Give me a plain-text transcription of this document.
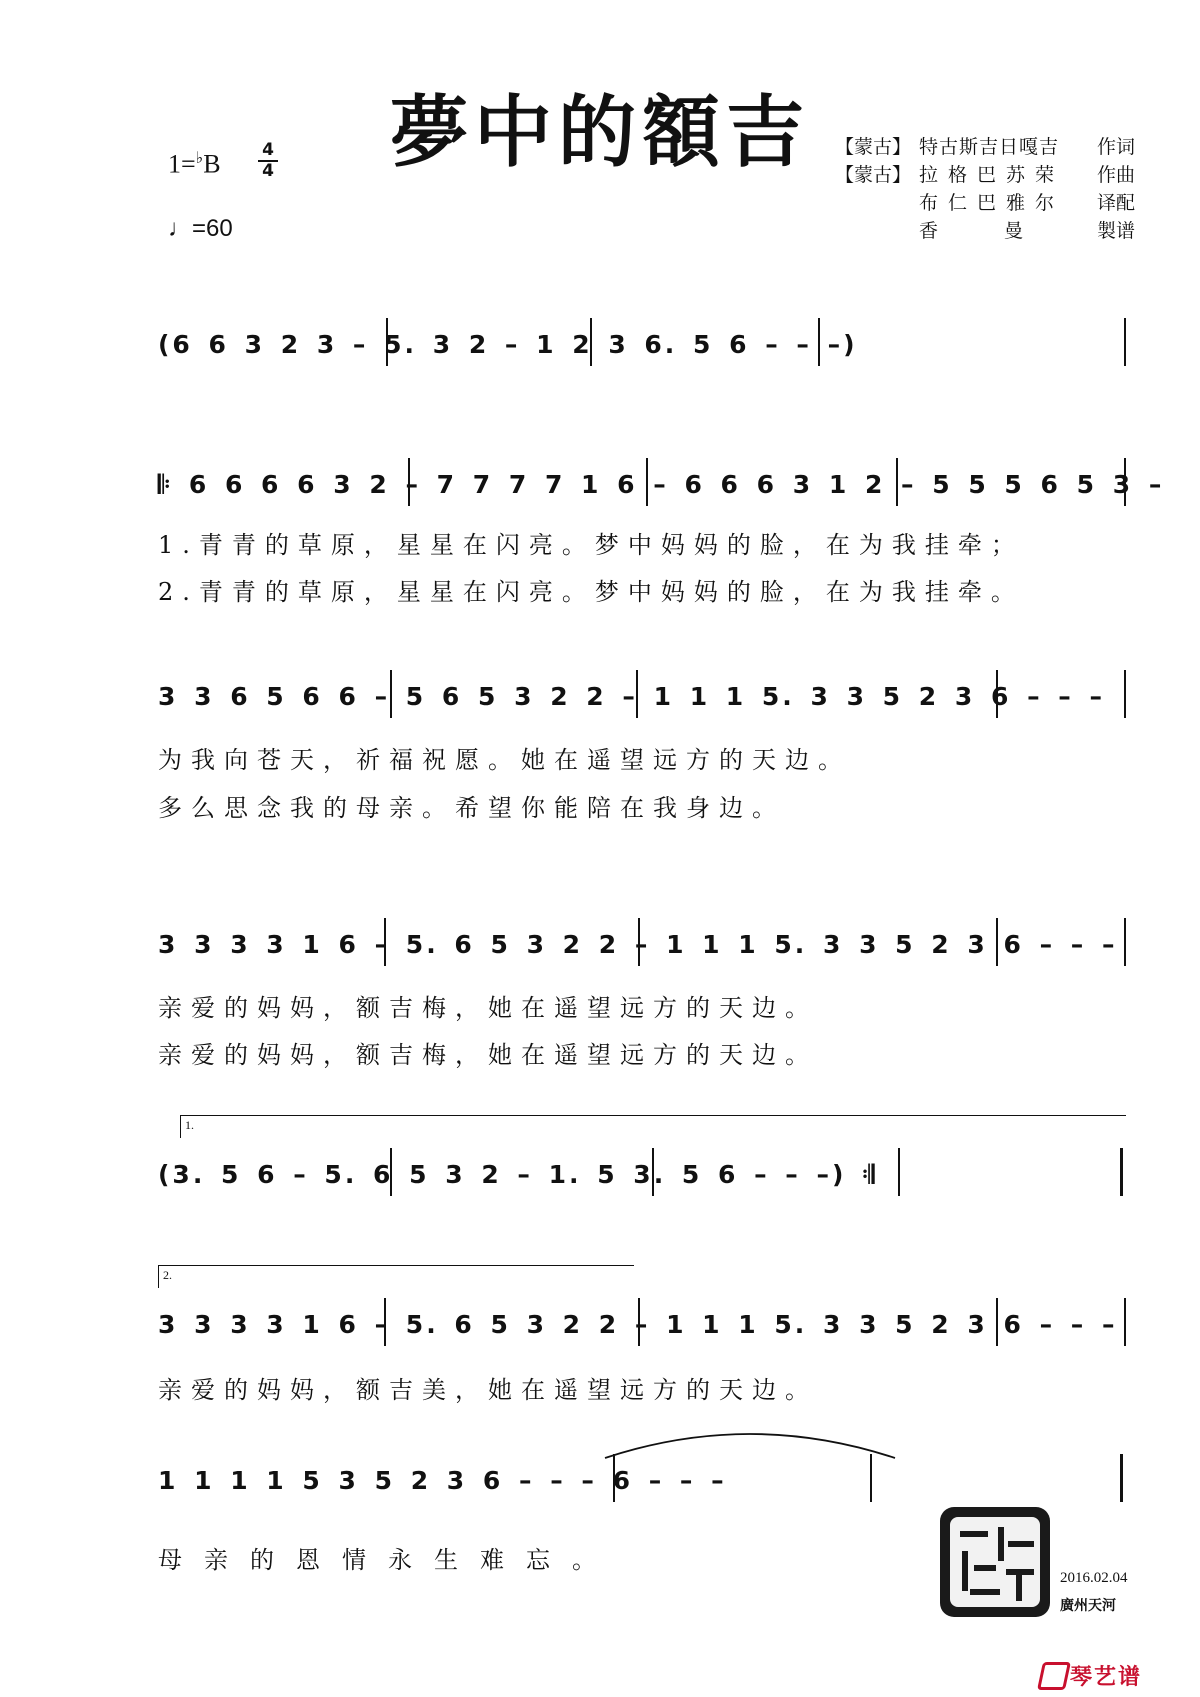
夢中的額吉
1=♭B 4
4
♩=60
【蒙古】 特古斯吉日嘎吉	作词
【蒙古】 拉格巴苏荣	作曲
布仁巴雅尔	译配
香 曼	製谱
(6 6 3 2 3 – 5. 3 2 – 1 2 3 6. 5 6 – – –)
𝄆 6 6 6 6 3 2 – 7 7 7 7 1 6 – 6 6 6 3 1 2 – 5 5 5 6 5 3 –
1.青青的草原，星星在闪亮。梦中妈妈的脸，在为我挂牵；
2.青青的草原，星星在闪亮。梦中妈妈的脸，在为我挂牵。
3 3 6 5 6 6 – 5 6 5 3 2 2 – 1 1 1 5. 3 3 5 2 3 6 – – –
为我向苍天，祈福祝愿。她在遥望远方的天边。
多么思念我的母亲。希望你能陪在我身边。
3 3 3 3 1 6 – 5. 6 5 3 2 2 – 1 1 1 5. 3 3 5 2 3 6 – – –
亲爱的妈妈，额吉梅，她在遥望远方的天边。
亲爱的妈妈，额吉梅，她在遥望远方的天边。
1.
(3. 5 6 – 5. 6 5 3 2 – 1. 5 3. 5 6 – – –) 𝄇
2.
3 3 3 3 1 6 – 5. 6 5 3 2 2 – 1 1 1 5. 3 3 5 2 3 6 – – –
亲爱的妈妈，额吉美，她在遥望远方的天边。
1 1 1 1 5 3 5 2 3 6 – – – 6 – – –
母亲的恩情永生难忘。
2016.02.04
廣州天河
琴艺谱
